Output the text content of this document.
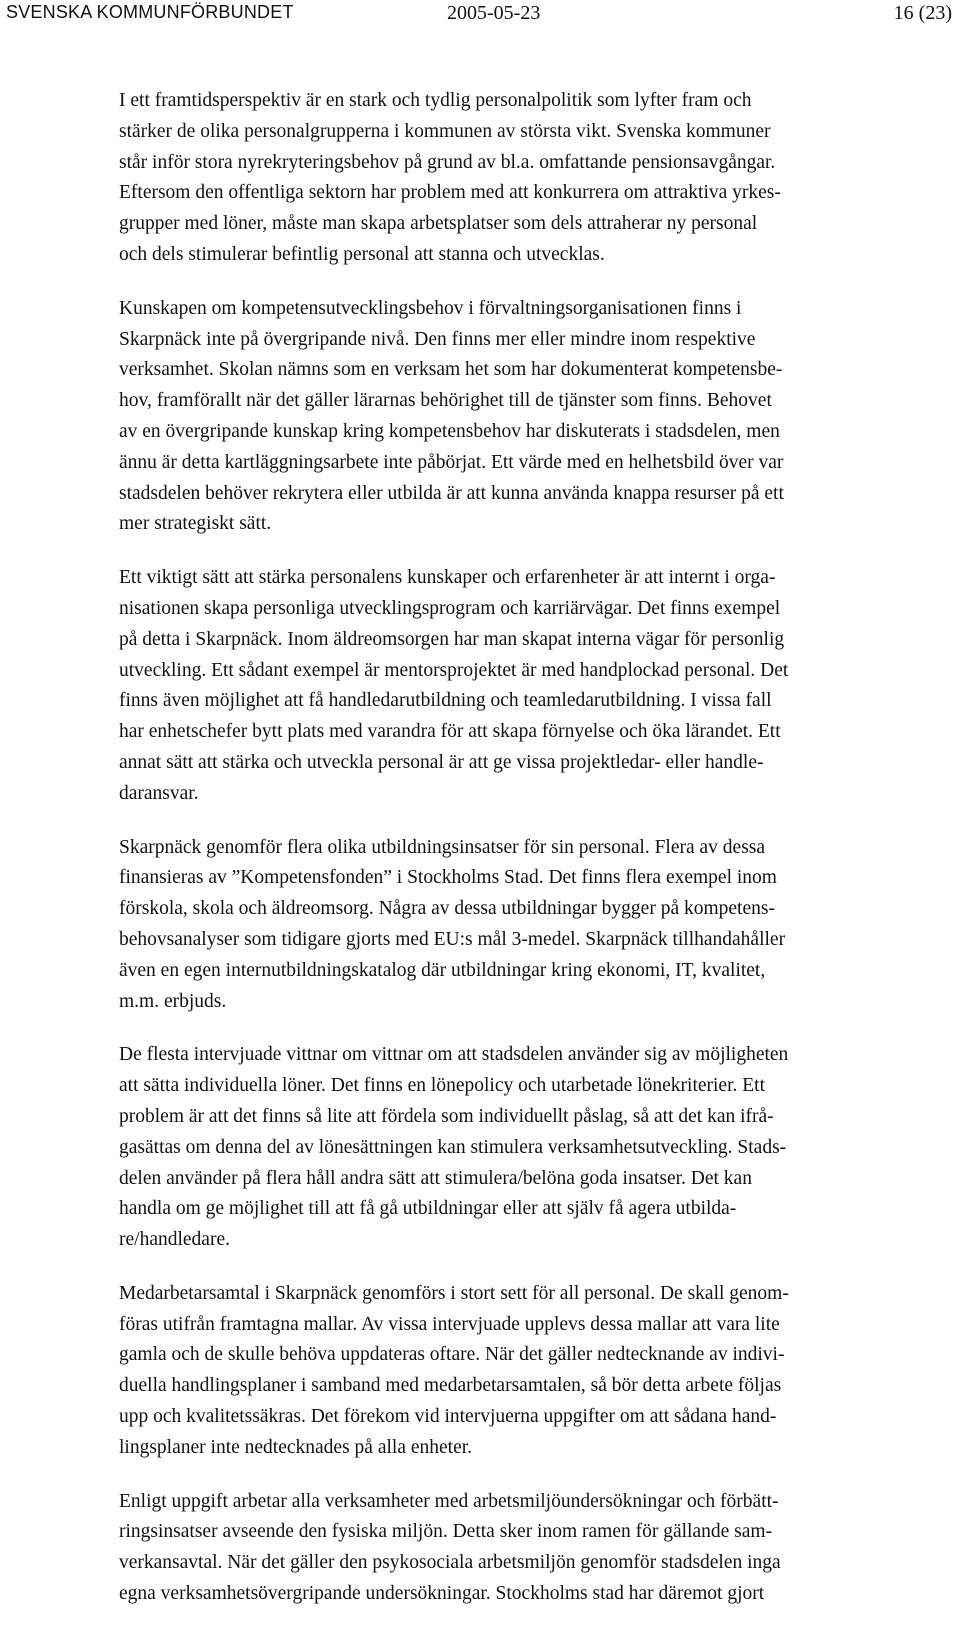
SVENSKA KOMMUNFÖRBUNDET	2005-05-23	16 (23)
I ett framtidsperspektiv är en stark och tydlig personalpolitik som lyfter fram och
stärker de olika personalgrupperna i kommunen av största vikt. Svenska kommuner
står inför stora nyrekryteringsbehov på grund av bl.a. omfattande pensionsavgångar.
Eftersom den offentliga sektorn har problem med att konkurrera om attraktiva yrkes-
grupper med löner, måste man skapa arbetsplatser som dels attraherar ny personal
och dels stimulerar befintlig personal att stanna och utvecklas.
Kunskapen om kompetensutvecklingsbehov i förvaltningsorganisationen finns i
Skarpnäck inte på övergripande nivå. Den finns mer eller mindre inom respektive
verksamhet. Skolan nämns som en verksam het som har dokumenterat kompetensbe-
hov, framförallt när det gäller lärarnas behörighet till de tjänster som finns. Behovet
av en övergripande kunskap kring kompetensbehov har diskuterats i stadsdelen, men
ännu är detta kartläggningsarbete inte påbörjat. Ett värde med en helhetsbild över var
stadsdelen behöver rekrytera eller utbilda är att kunna använda knappa resurser på ett
mer strategiskt sätt.
Ett viktigt sätt att stärka personalens kunskaper och erfarenheter är att internt i orga-
nisationen skapa personliga utvecklingsprogram och karriärvägar. Det finns exempel
på detta i Skarpnäck. Inom äldreomsorgen har man skapat interna vägar för personlig
utveckling. Ett sådant exempel är mentorsprojektet är med handplockad personal. Det
finns även möjlighet att få handledarutbildning och teamledarutbildning. I vissa fall
har enhetschefer bytt plats med varandra för att skapa förnyelse och öka lärandet. Ett
annat sätt att stärka och utveckla personal är att ge vissa projektledar- eller handle-
daransvar.
Skarpnäck genomför flera olika utbildningsinsatser för sin personal. Flera av dessa
finansieras av ”Kompetensfonden” i Stockholms Stad. Det finns flera exempel inom
förskola, skola och äldreomsorg. Några av dessa utbildningar bygger på kompetens-
behovsanalyser som tidigare gjorts med EU:s mål 3-medel. Skarpnäck tillhandahåller
även en egen internutbildningskatalog där utbildningar kring ekonomi, IT, kvalitet,
m.m. erbjuds.
De flesta intervjuade vittnar om vittnar om att stadsdelen använder sig av möjligheten
att sätta individuella löner. Det finns en lönepolicy och utarbetade lönekriterier. Ett
problem är att det finns så lite att fördela som individuellt påslag, så att det kan ifrå-
gasättas om denna del av lönesättningen kan stimulera verksamhetsutveckling. Stads-
delen använder på flera håll andra sätt att stimulera/belöna goda insatser. Det kan
handla om ge möjlighet till att få gå utbildningar eller att själv få agera utbilda-
re/handledare.
Medarbetarsamtal i Skarpnäck genomförs i stort sett för all personal. De skall genom-
föras utifrån framtagna mallar. Av vissa intervjuade upplevs dessa mallar att vara lite
gamla och de skulle behöva uppdateras oftare. När det gäller nedtecknande av indivi-
duella handlingsplaner i samband med medarbetarsamtalen, så bör detta arbete följas
upp och kvalitetssäkras. Det förekom vid intervjuerna uppgifter om att sådana hand-
lingsplaner inte nedtecknades på alla enheter.
Enligt uppgift arbetar alla verksamheter med arbetsmiljöundersökningar och förbätt-
ringsinsatser avseende den fysiska miljön. Detta sker inom ramen för gällande sam-
verkansavtal. När det gäller den psykosociala arbetsmiljön genomför stadsdelen inga
egna verksamhetsövergripande undersökningar. Stockholms stad har däremot gjort
